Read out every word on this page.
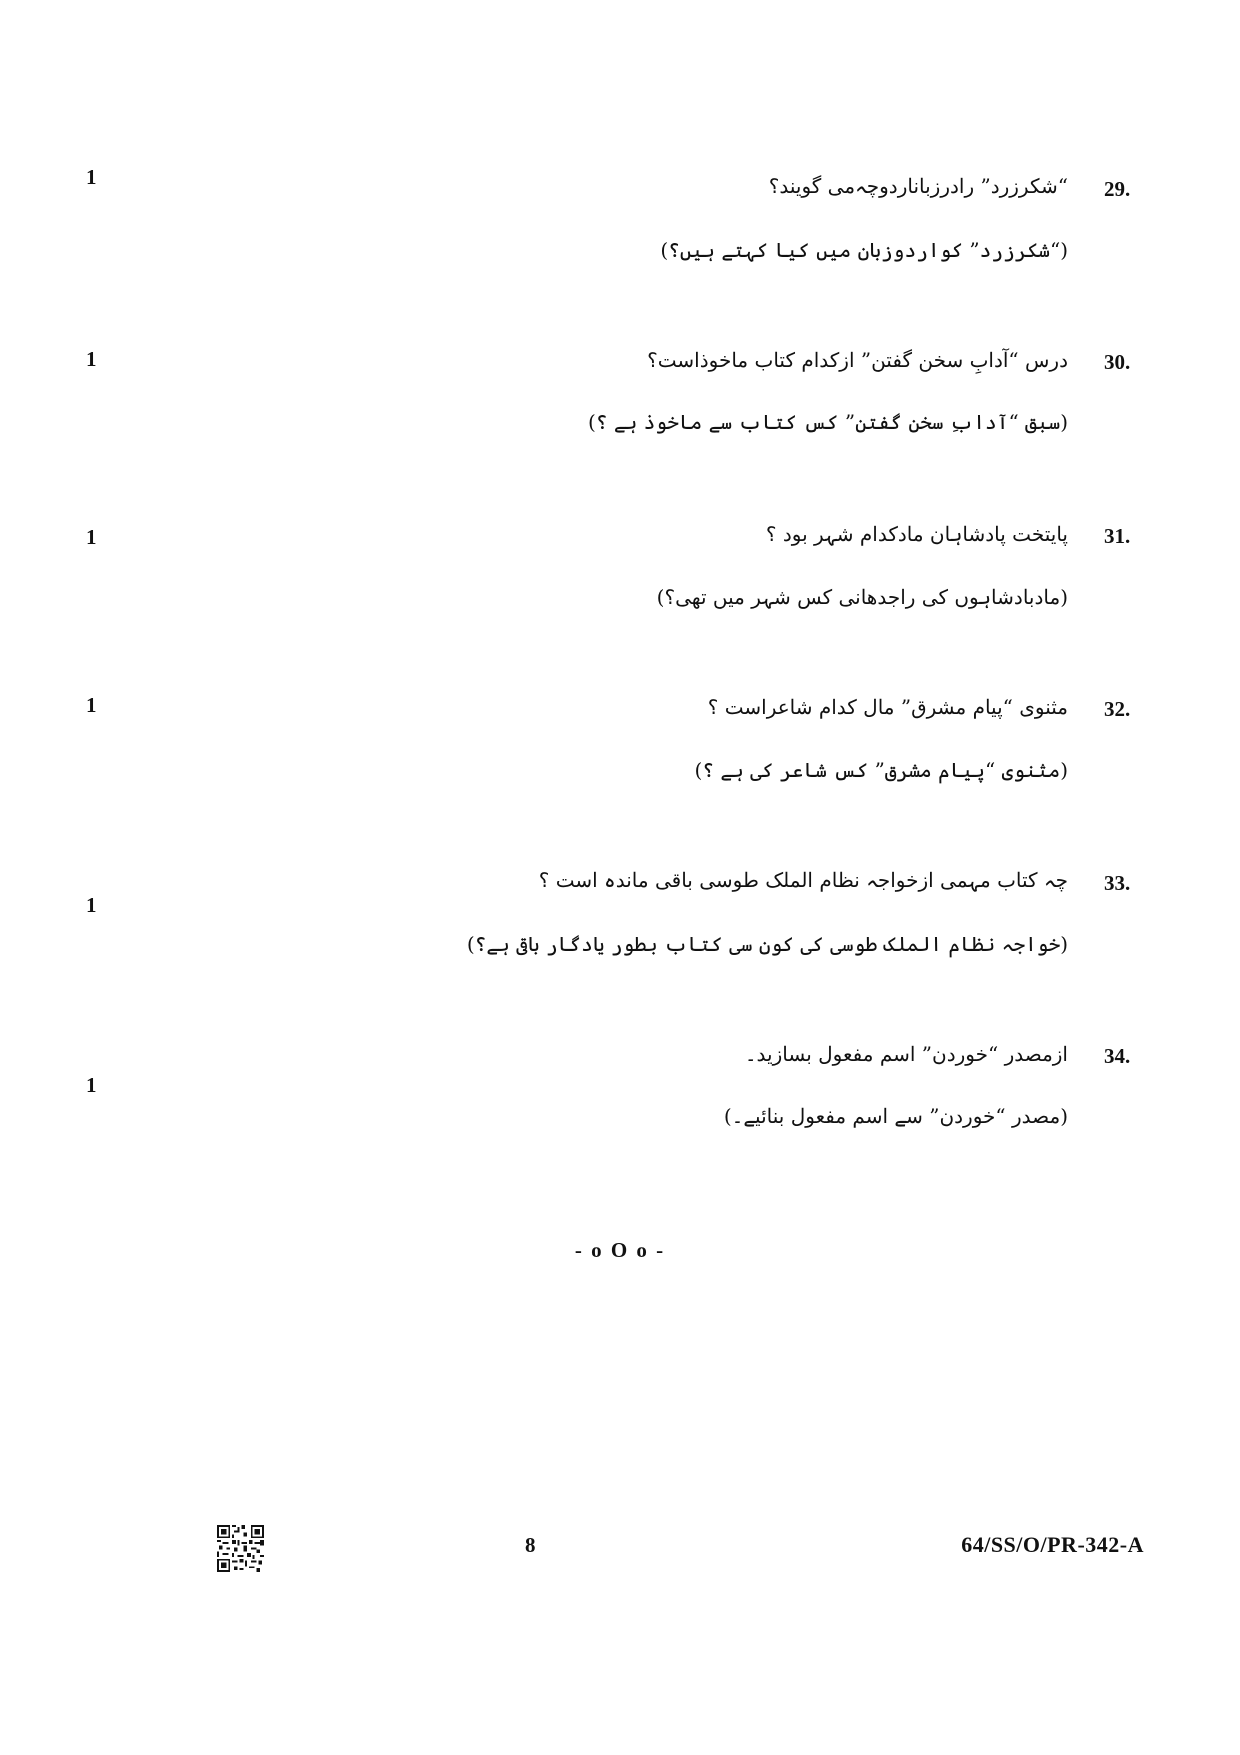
1	29.
“شکرزرد” رادرزباناردوچہ‌می گویند؟
(“شکرزرد” کواردوزبان میں کیا کہتے ہیں؟)
1	30.
درس “آدابِ سخن گفتن” ازکدام کتاب ماخوذاست؟
(سبق “آدابِ سخن گفتن” کس کتاب سے ماخوذ ہے ؟)
1	31.
پایتخت پادشاہان مادکدام شہر بود ؟
(مادبادشاہوں کی راجدھانی کس شہر میں تھی؟)
1	32.
مثنوی “پیام مشرق” مال کدام شاعراست ؟
(مثنوی “پیام مشرق” کس شاعر کی ہے ؟)
1
33.
چہ کتاب مہمی ازخواجہ نظام الملک طوسی باقی ماندہ است ؟
(خواجہ نظام الملک طوسی کی کون سی کتاب بطور یادگار باقی ہے؟)
1
34.
ازمصدر “خوردن” اسم مفعول بسازید۔
(مصدر “خوردن” سے اسم مفعول بنائیے۔)
- o O o -
8	64/SS/O/PR-342-A
